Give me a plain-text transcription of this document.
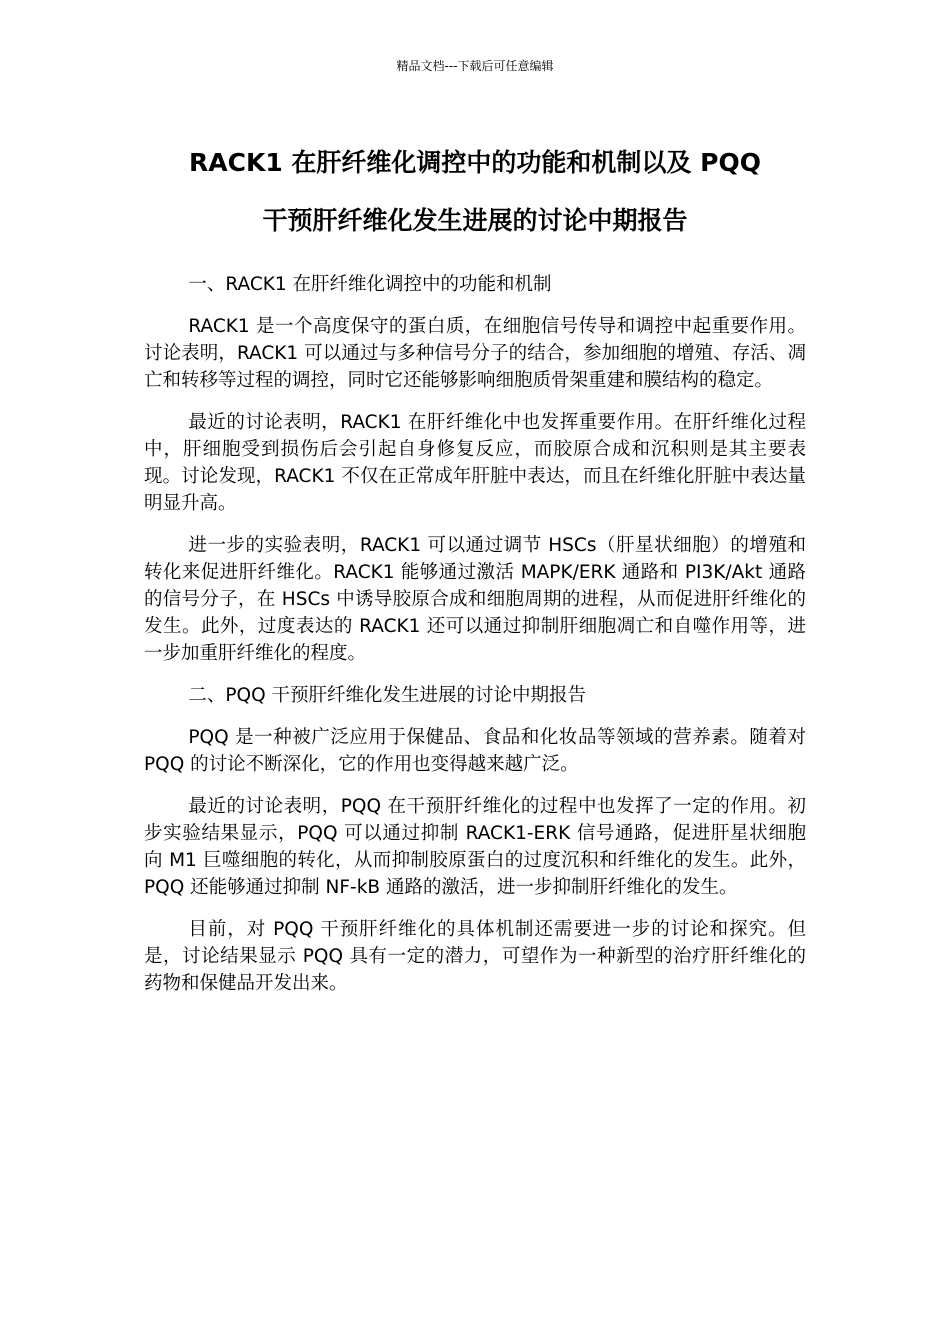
精品文档---下载后可任意编辑
RACK1 在肝纤维化调控中的功能和机制以及 PQQ
干预肝纤维化发生进展的讨论中期报告

一、RACK1 在肝纤维化调控中的功能和机制

RACK1 是一个高度保守的蛋白质，在细胞信号传导和调控中起重要作用。讨论表明，RACK1 可以通过与多种信号分子的结合，参加细胞的增殖、存活、凋亡和转移等过程的调控，同时它还能够影响细胞质骨架重建和膜结构的稳定。

最近的讨论表明，RACK1 在肝纤维化中也发挥重要作用。在肝纤维化过程中，肝细胞受到损伤后会引起自身修复反应，而胶原合成和沉积则是其主要表现。讨论发现，RACK1 不仅在正常成年肝脏中表达，而且在纤维化肝脏中表达量明显升高。

进一步的实验表明，RACK1 可以通过调节 HSCs（肝星状细胞）的增殖和转化来促进肝纤维化。RACK1 能够通过激活 MAPK/ERK 通路和 PI3K/Akt 通路的信号分子，在 HSCs 中诱导胶原合成和细胞周期的进程，从而促进肝纤维化的发生。此外，过度表达的 RACK1 还可以通过抑制肝细胞凋亡和自噬作用等，进一步加重肝纤维化的程度。

二、PQQ 干预肝纤维化发生进展的讨论中期报告

PQQ 是一种被广泛应用于保健品、食品和化妆品等领域的营养素。随着对 PQQ 的讨论不断深化，它的作用也变得越来越广泛。

最近的讨论表明，PQQ 在干预肝纤维化的过程中也发挥了一定的作用。初步实验结果显示，PQQ 可以通过抑制 RACK1-ERK 信号通路，促进肝星状细胞向 M1 巨噬细胞的转化，从而抑制胶原蛋白的过度沉积和纤维化的发生。此外，PQQ 还能够通过抑制 NF-kB 通路的激活，进一步抑制肝纤维化的发生。

目前，对 PQQ 干预肝纤维化的具体机制还需要进一步的讨论和探究。但是，讨论结果显示 PQQ 具有一定的潜力，可望作为一种新型的治疗肝纤维化的药物和保健品开发出来。
